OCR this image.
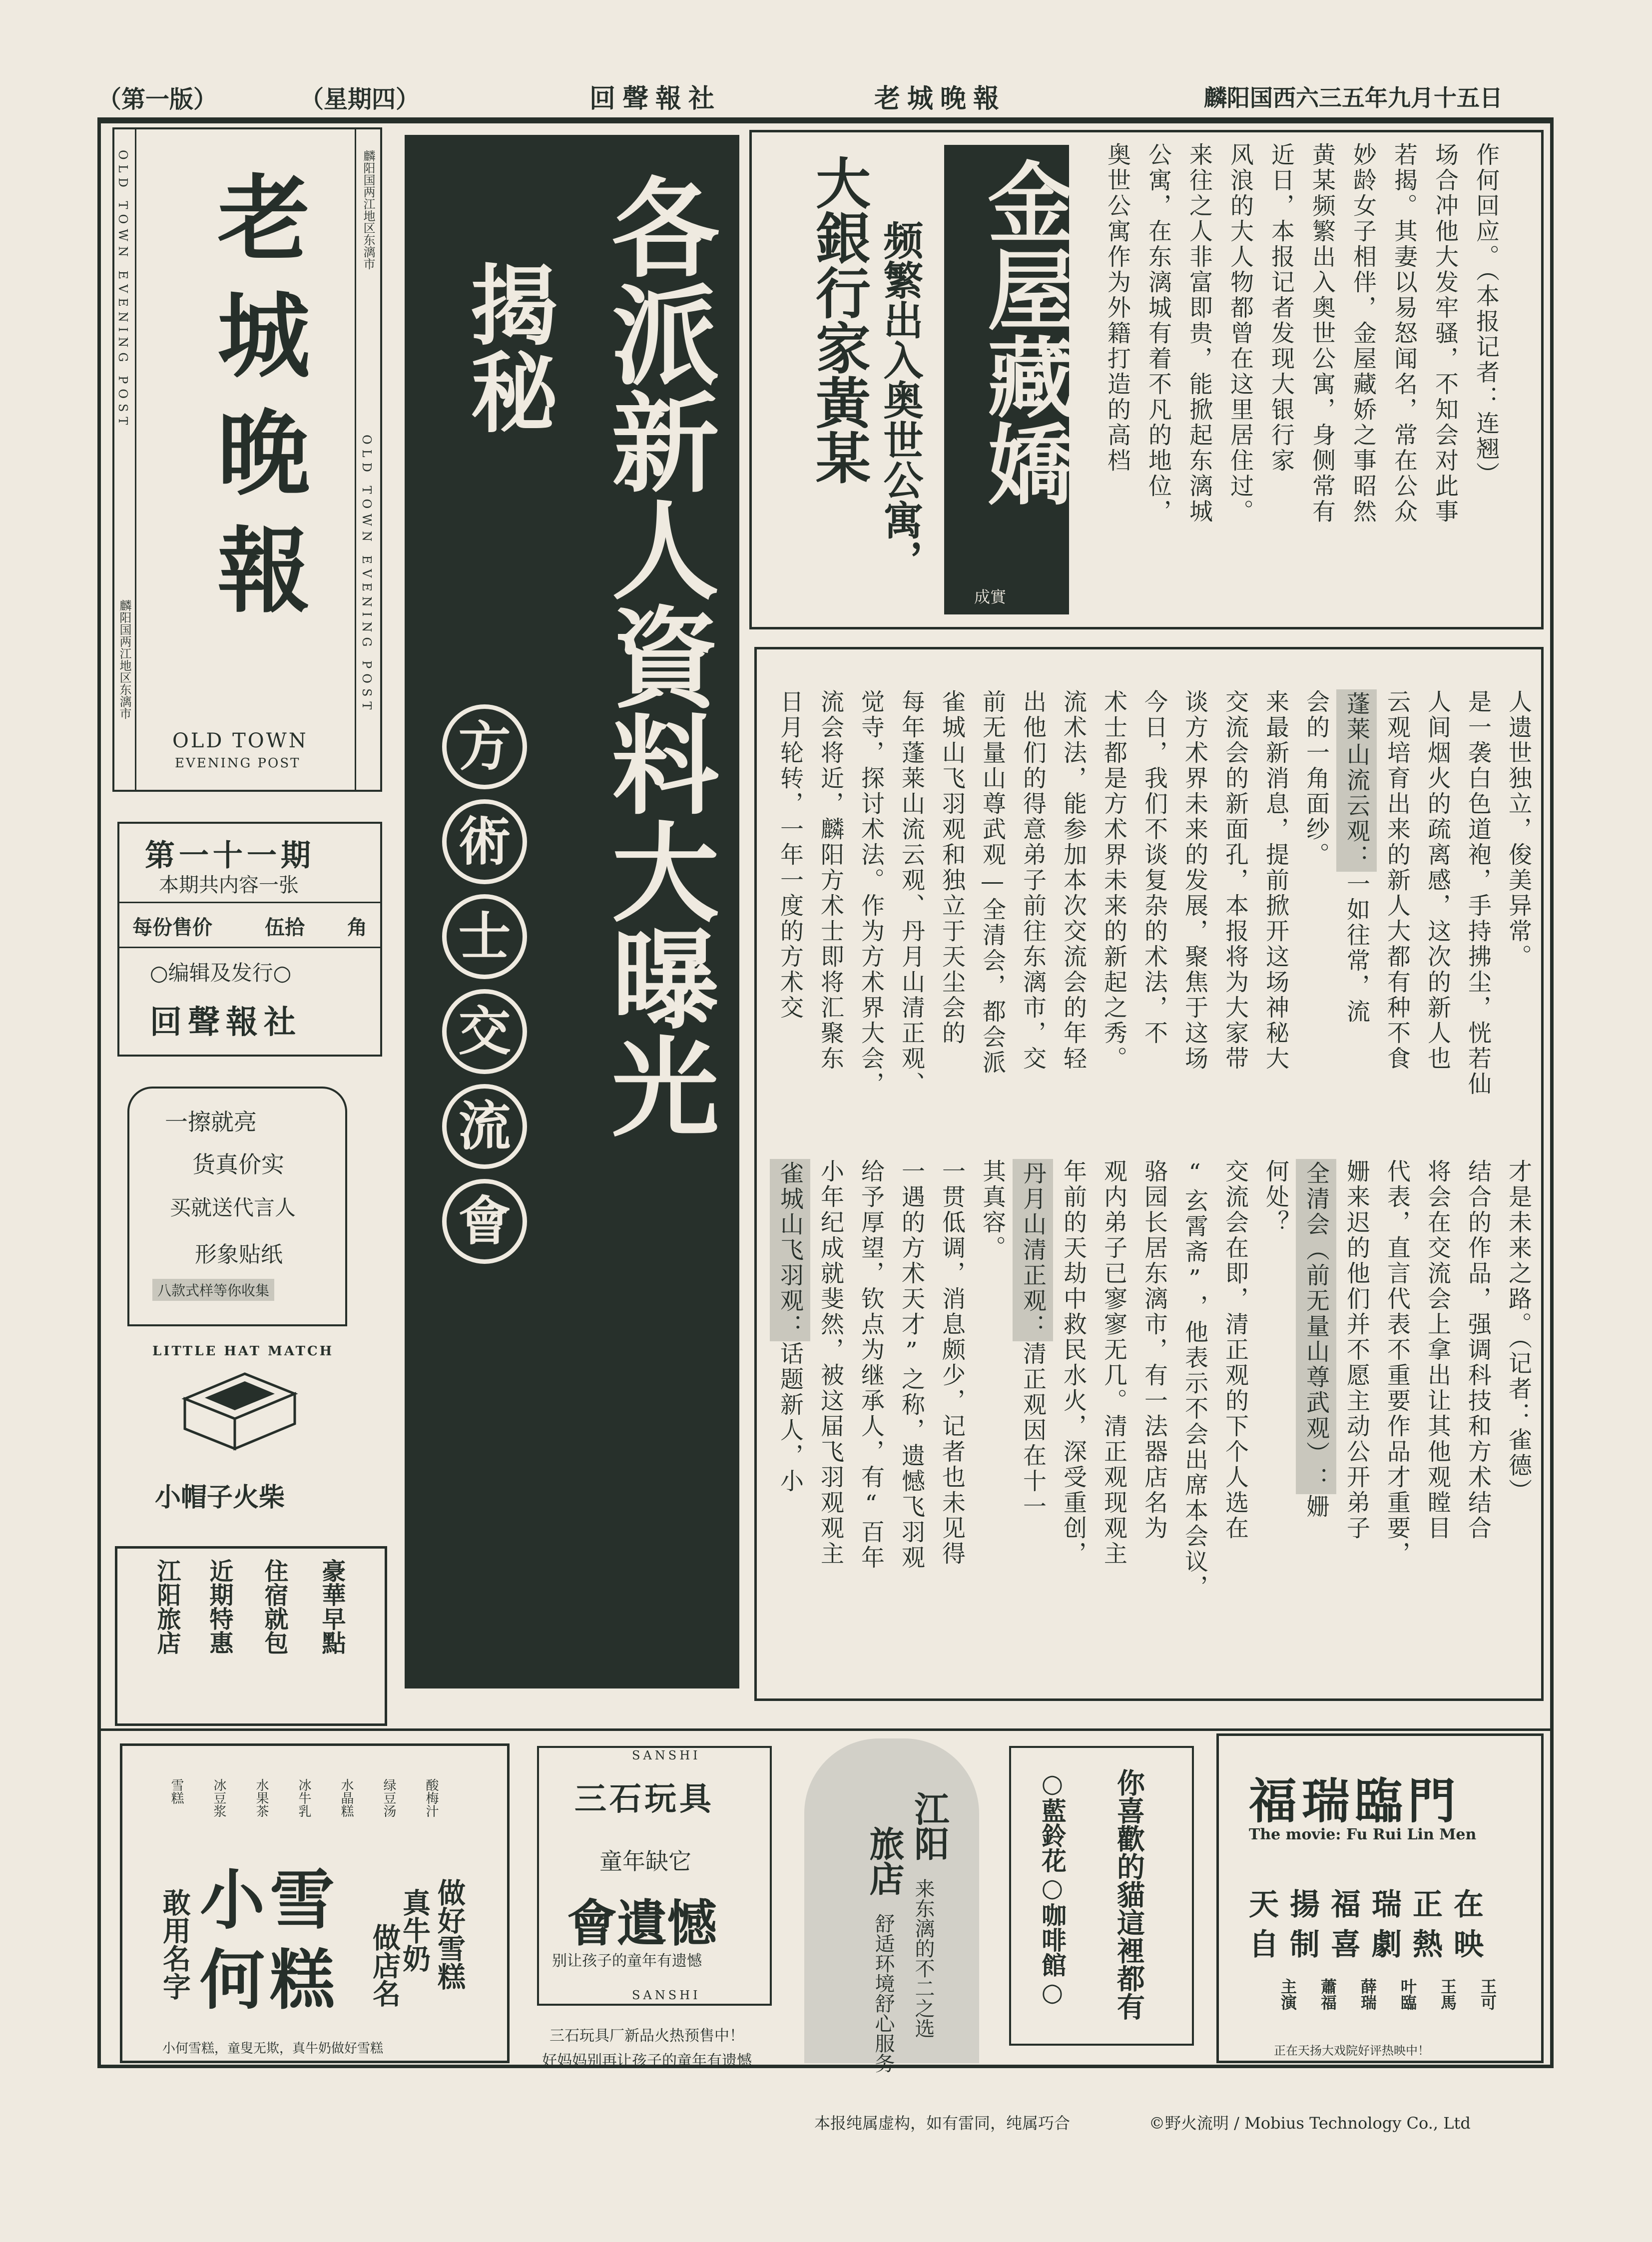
（第一版）	（星期四）	回聲報社	老城晚報	麟阳国西六三五年九月十五日
OLD TOWN EVENING POST
麟阳国两江地区东漓市	OLD TOWN EVENING POST
麟阳国两江地区东漓市
老城晚報
OLD TOWN
EVENING POST
第一十一期
本期共内容一张
每份售价	伍拾 角
○编辑及发行○
回聲報社
一擦就亮
货真价实
买就送代言人
形象贴纸
八款式样等你收集
LITTLE HAT MATCH
小帽子火柴
豪華早點
住宿就包
近期特惠
江阳旅店
各派新人資料大曝光
揭秘
方 術 士 交 流 會
金屋藏嬌
成實
大銀行家黃某 频繁出入奥世公寓，	作何回应。（本报记者：连翘）
场合冲他大发牢骚，不知会对此事
若揭。其妻以易怒闻名，常在公众
妙龄女子相伴，金屋藏娇之事昭然
黄某频繁出入奥世公寓，身侧常有
近日，本报记者发现大银行家
风浪的大人物都曾在这里居住过。
来往之人非富即贵，能掀起东漓城
公寓，在东漓城有着不凡的地位，
奥世公寓作为外籍打造的高档
人遗世独立，俊美异常。
是一袭白色道袍，手持拂尘，恍若仙
人间烟火的疏离感，这次的新人也
云观培育出来的新人大都有种不食
蓬莱山流云观：一如往常，流
会的一角面纱。
来最新消息，提前掀开这场神秘大
交流会的新面孔，本报将为大家带
谈方术界未来的发展，聚焦于这场
今日，我们不谈复杂的术法，不
术士都是方术界未来的新起之秀。
流术法，能参加本次交流会的年轻
出他们的得意弟子前往东漓市，交
前无量山尊武观—全清会，都会派
雀城山飞羽观和独立于天尘会的
每年蓬莱山流云观、丹月山清正观、
觉寺，探讨术法。作为方术界大会，
流会将近，麟阳方术士即将汇聚东
日月轮转，一年一度的方术交
才是未来之路。（记者：雀德）
结合的作品，强调科技和方术结合
将会在交流会上拿出让其他观瞠目
代表，直言代表不重要作品才重要，
姗来迟的他们并不愿主动公开弟子
全清会（前无量山尊武观）：姗
何处？
交流会在即，清正观的下个人选在
“玄霄斋”，他表示不会出席本会议，
骆园长居东漓市，有一法器店名为
观内弟子已寥寥无几。清正观现观主
年前的天劫中救民水火，深受重创，
丹月山清正观：清正观因在十一
其真容。
一贯低调，消息颇少，记者也未见得
一遇的方术天才”之称，遗憾飞羽观
给予厚望，钦点为继承人，有“百年
小年纪成就斐然，被这届飞羽观观主
雀城山飞羽观：话题新人，小
雪糕 冰豆浆 水果茶 冰牛乳 水晶糕 绿豆汤 酸梅汁
小雪
何糕
敢用名字	真牛奶
做店名 做好雪糕
小何雪糕，童叟无欺，真牛奶做好雪糕
SANSHI
三石玩具
童年缺它
會遺憾
别让孩子的童年有遗憾
SANSHI
三石玩具厂新品火热预售中！
好妈妈别再让孩子的童年有遗憾
江阳
旅店
来东漓的不二之选
舒适环境舒心服务	○藍鈴花○咖啡館○ 你喜歡的貓這裡都有 福瑞臨門
The movie: Fu Rui Lin Men
天揚福瑞正在
自制喜劇熱映
主演 蕭福 薛瑞 叶臨 王馬 王可
正在天扬大戏院好评热映中！
本报纯属虚构，如有雷同，纯属巧合	©野火流明 / Mobius Technology Co., Ltd
